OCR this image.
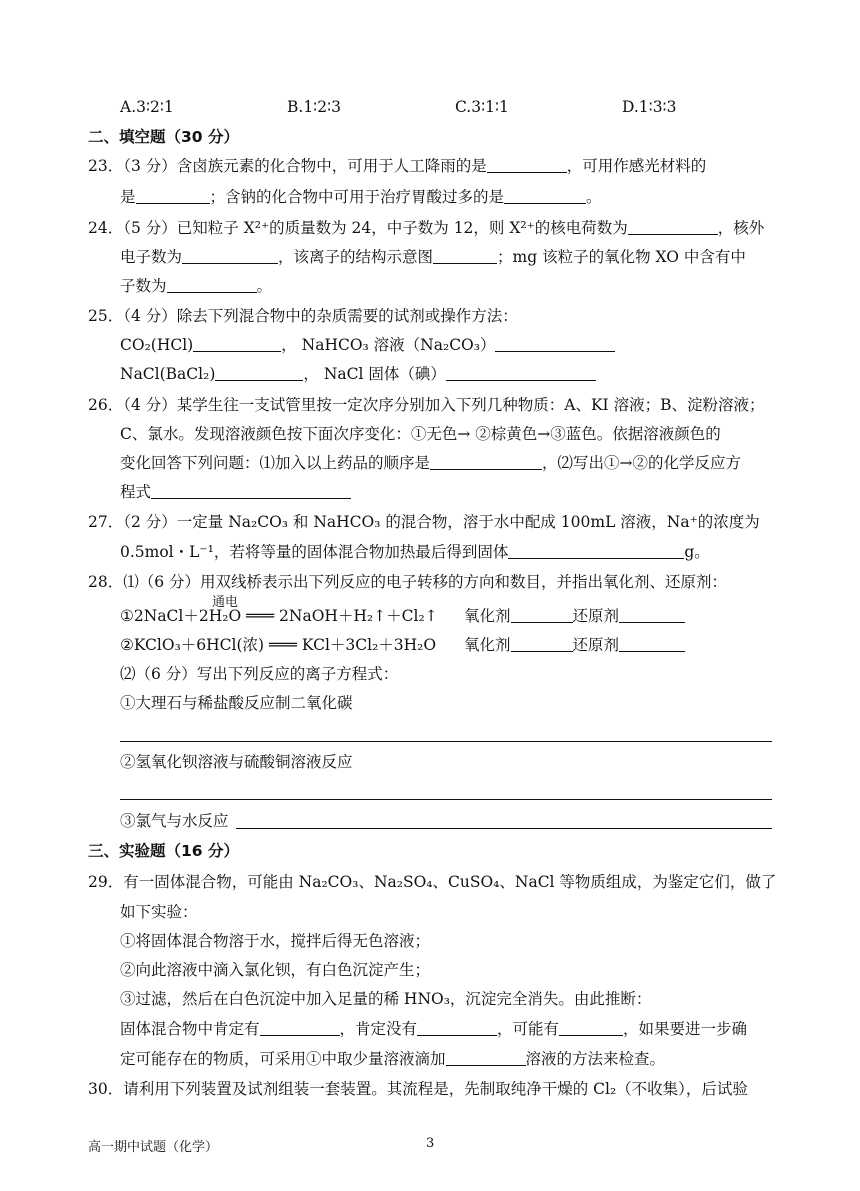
A.3∶2∶1	B.1∶2∶3	C.3∶1∶1	D.1∶3∶3
二、填空题（30 分）
23．（3 分）含卤族元素的化合物中，可用于人工降雨的是	，可用作感光材料的
是	；含钠的化合物中可用于治疗胃酸过多的是	。
24．（5 分）已知粒子 X²⁺的质量数为 24，中子数为 12，则 X²⁺的核电荷数为	，核外
电子数为	，该离子的结构示意图	；mg 该粒子的氧化物 XO 中含有中
子数为	。
25．（4 分）除去下列混合物中的杂质需要的试剂或操作方法：
CO₂(HCl)	， NaHCO₃ 溶液（Na₂CO₃）
NaCl(BaCl₂)	， NaCl 固体（碘）
26．（4 分）某学生往一支试管里按一定次序分别加入下列几种物质：A、KI 溶液；B、淀粉溶液；
C、氯水。发现溶液颜色按下面次序变化：①无色→ ②棕黄色→③蓝色。依据溶液颜色的
变化回答下列问题：⑴加入以上药品的顺序是	，⑵写出①→②的化学反应方
程式
27．（2 分）一定量 Na₂CO₃ 和 NaHCO₃ 的混合物，溶于水中配成 100mL 溶液，Na⁺的浓度为
0.5mol・L⁻¹，若将等量的固体混合物加热最后得到固体	g。
28．⑴（6 分）用双线桥表示出下列反应的电子转移的方向和数目，并指出氧化剂、还原剂：
通电
①2NaCl＋2H₂O ═══ 2NaOH＋H₂↑＋Cl₂↑ 氧化剂	还原剂
②KClO₃＋6HCl(浓) ═══ KCl＋3Cl₂＋3H₂O 氧化剂	还原剂
⑵（6 分）写出下列反应的离子方程式：
①大理石与稀盐酸反应制二氧化碳
②氢氧化钡溶液与硫酸铜溶液反应
③氯气与水反应
三、实验题（16 分）
29．有一固体混合物，可能由 Na₂CO₃、Na₂SO₄、CuSO₄、NaCl 等物质组成，为鉴定它们，做了
如下实验：
①将固体混合物溶于水，搅拌后得无色溶液；
②向此溶液中滴入氯化钡，有白色沉淀产生；
③过滤，然后在白色沉淀中加入足量的稀 HNO₃，沉淀完全消失。由此推断：
固体混合物中肯定有	，肯定没有	，可能有	，如果要进一步确
定可能存在的物质，可采用①中取少量溶液滴加	溶液的方法来检查。
30．请利用下列装置及试剂组装一套装置。其流程是，先制取纯净干燥的 Cl₂（不收集），后试验
高一期中试题（化学）	3
